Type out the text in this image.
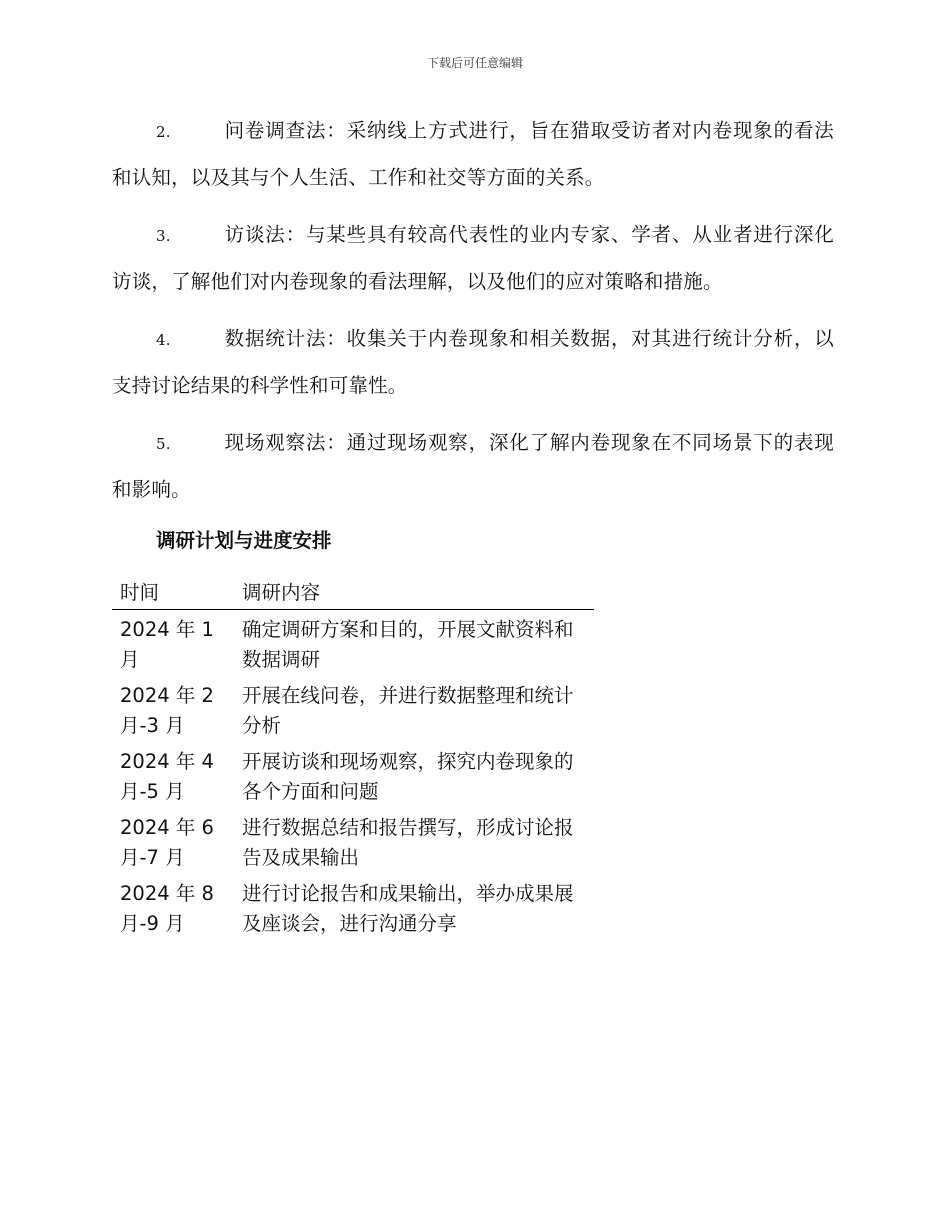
下载后可任意编辑

2.	问卷调查法：采纳线上方式进行，旨在猎取受访者对内卷现象的看法和认知，以及其与个人生活、工作和社交等方面的关系。

3.	访谈法：与某些具有较高代表性的业内专家、学者、从业者进行深化访谈，了解他们对内卷现象的看法理解，以及他们的应对策略和措施。

4.	数据统计法：收集关于内卷现象和相关数据，对其进行统计分析，以支持讨论结果的科学性和可靠性。

5.	现场观察法：通过现场观察，深化了解内卷现象在不同场景下的表现和影响。

调研计划与进度安排
时间	调研内容
2024 年 1 月	确定调研方案和目的，开展文献资料和数据调研
2024 年 2 月-3 月	开展在线问卷，并进行数据整理和统计分析
2024 年 4 月-5 月	开展访谈和现场观察，探究内卷现象的各个方面和问题
2024 年 6 月-7 月	进行数据总结和报告撰写，形成讨论报告及成果输出
2024 年 8 月-9 月	进行讨论报告和成果输出，举办成果展及座谈会，进行沟通分享
